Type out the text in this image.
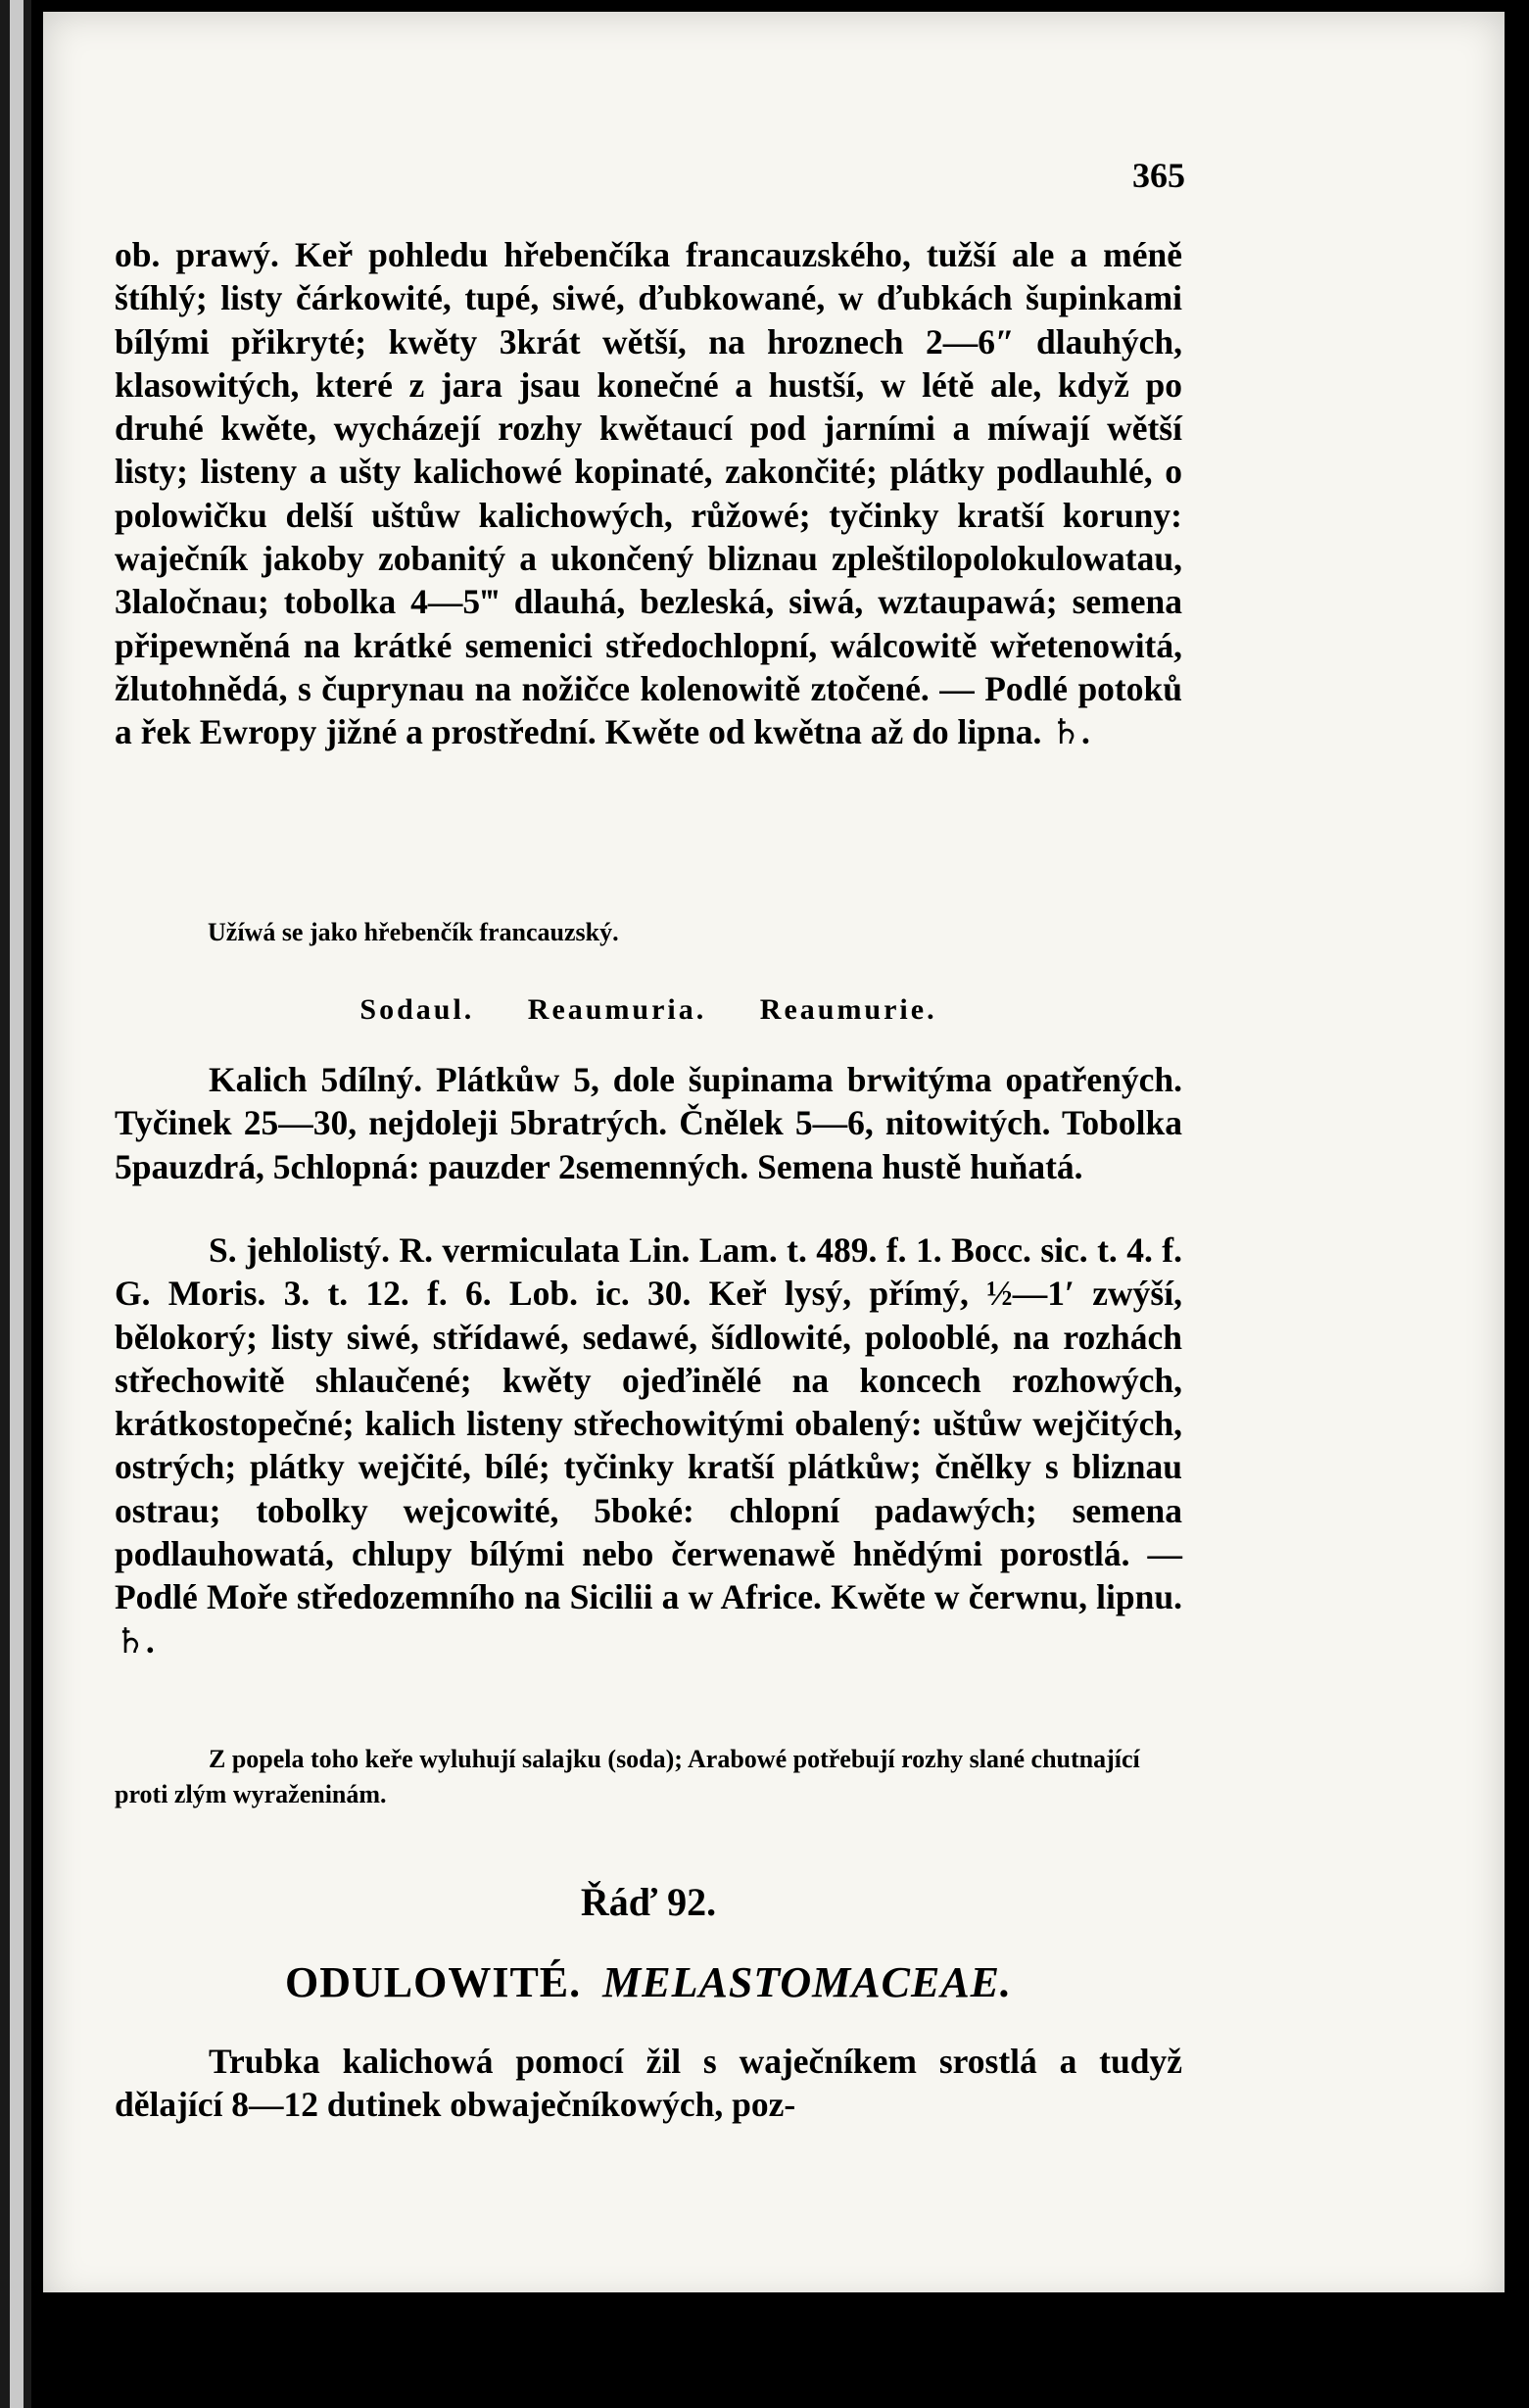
365

ob. prawý. Keř pohledu hřebenčíka francauzského, tužší ale a méně štíhlý; listy čárkowité, tupé, siwé, ďubkowané, w ďubkách šupinkami bílými přikryté; kwěty 3krát wětší, na hroznech 2—6″ dlauhých, klasowitých, které z jara jsau konečné a hustší, w létě ale, když po druhé kwěte, wycházejí rozhy kwětaucí pod jarními a míwají wětší listy; listeny a ušty kalichowé kopinaté, zakončité; plátky podlauhlé, o polowičku delší uštůw kalichowých, růžowé; tyčinky kratší koruny: waječník jakoby zobanitý a ukončený bliznau zpleštilopolokulowatau, 3laločnau; tobolka 4—5‴ dlauhá, bezleská, siwá, wztaupawá; semena připewněná na krátké semenici středochlopní, wálcowitě wřetenowitá, žlutohnědá, s čuprynau na nožičce kolenowitě ztočené. — Podlé potoků a řek Ewropy jižné a prostřední. Kwěte od kwětna až do lipna. ♄.

Užíwá se jako hřebenčík francauzský.

Sodaul. Reaumuria. Reaumurie.

Kalich 5dílný. Plátkůw 5, dole šupinama brwitýma opatřených. Tyčinek 25—30, nejdoleji 5bratrých. Čnělek 5—6, nitowitých. Tobolka 5pauzdrá, 5chlopná: pauzder 2semenných. Semena hustě huňatá.

S. jehlolistý. R. vermiculata Lin. Lam. t. 489. f. 1. Bocc. sic. t. 4. f. G. Moris. 3. t. 12. f. 6. Lob. ic. 30. Keř lysý, přímý, ½—1′ zwýší, bělokorý; listy siwé, střídawé, sedawé, šídlowité, polooblé, na rozhách střechowitě shlaučené; kwěty ojeďinělé na koncech rozhowých, krátkostopečné; kalich listeny střechowitými obalený: uštůw wejčitých, ostrých; plátky wejčité, bílé; tyčinky kratší plátkůw; čnělky s bliznau ostrau; tobolky wejcowité, 5boké: chlopní padawých; semena podlauhowatá, chlupy bílými nebo čerwenawě hnědými porostlá. — Podlé Moře středozemního na Sicilii a w Africe. Kwěte w čerwnu, lipnu. ♄.

Z popela toho keře wyluhují salajku (soda); Arabowé potřebují rozhy slané chutnající proti zlým wyraženinám.

Řáď 92.
ODULOWITÉ. MELASTOMACEAE.

Trubka kalichowá pomocí žil s waječníkem srostlá a tudyž dělající 8—12 dutinek obwaječníkowých, poz-
